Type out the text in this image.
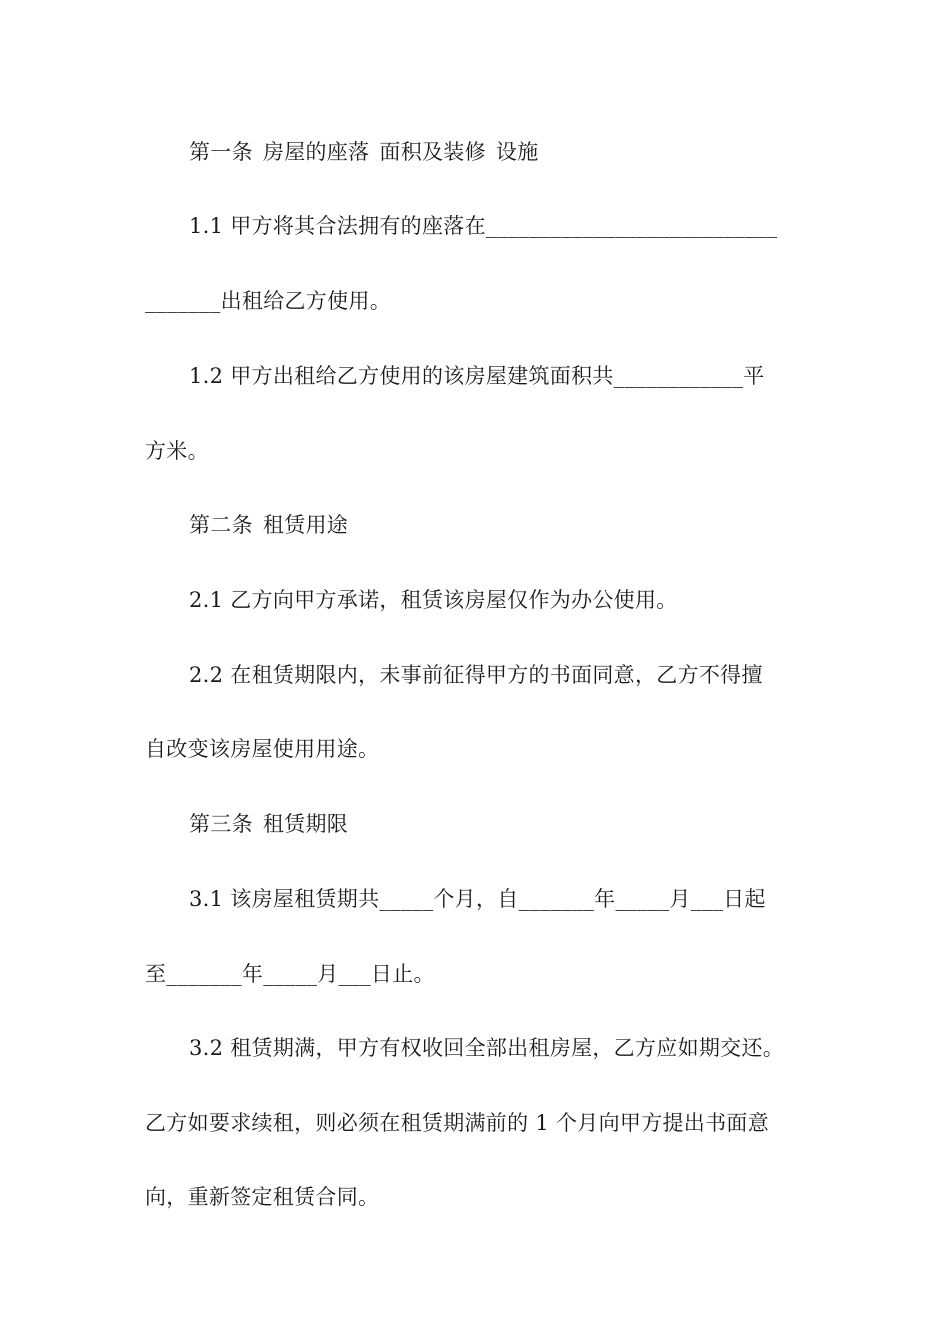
第一条 房屋的座落 面积及装修 设施
1.1 甲方将其合法拥有的座落在___________________________
_______出租给乙方使用。
1.2 甲方出租给乙方使用的该房屋建筑面积共____________平
方米。
第二条 租赁用途
2.1 乙方向甲方承诺，租赁该房屋仅作为办公使用。
2.2 在租赁期限内，未事前征得甲方的书面同意，乙方不得擅
自改变该房屋使用用途。
第三条 租赁期限
3.1 该房屋租赁期共_____个月，自_______年_____月___日起
至_______年_____月___日止。
3.2 租赁期满，甲方有权收回全部出租房屋，乙方应如期交还。
乙方如要求续租，则必须在租赁期满前的 1 个月向甲方提出书面意
向，重新签定租赁合同。
